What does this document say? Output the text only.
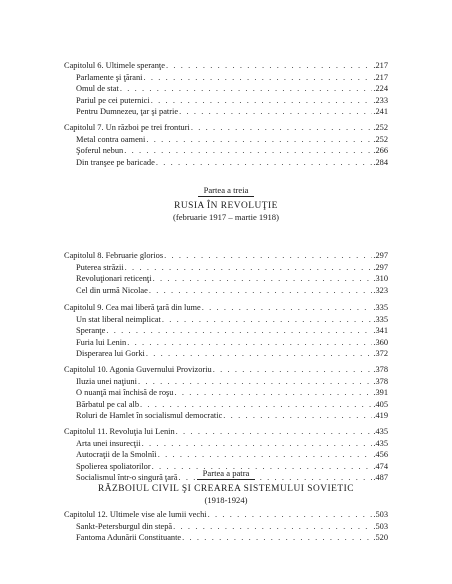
Capitolul 6. Ultimele speranţe . . .	.217
Parlamente şi ţărani . . .	.217
Omul de stat . . .	.224
Pariul pe cei puternici . . .	.233
Pentru Dumnezeu, ţar şi patrie . . .	.241
Capitolul 7. Un război pe trei fronturi . . .	.252
Metal contra oameni . . .	.252
Şoferul nebun . . .	.266
Din tranşee pe baricade . . .	.284
Capitolul 8. Februarie glorios . . .	.297
Puterea străzii . . .	.297
Revoluţionari reticenţi . . .	.310
Cel din urmă Nicolae . . .	.323
Capitolul 9. Cea mai liberă ţară din lume . . .	.335
Un stat liberal neimplicat . . .	.335
Speranţe . . .	.341
Furia lui Lenin . . .	.360
Disperarea lui Gorki . . .	.372
Capitolul 10. Agonia Guvernului Provizoriu . . .	.378
Iluzia unei naţiuni . . .	.378
O nuanţă mai închisă de roşu . . .	.391
Bărbatul pe cal alb . . .	.405
Roluri de Hamlet în socialismul democratic . . .	.419
Capitolul 11. Revoluţia lui Lenin . . .	.435
Arta unei insurecţii . . .	.435
Autocraţii de la Smolnîi . . .	.456
Spolierea spoliatorilor . . .	.474
Socialismul într-o singură ţară . . .	.487
Capitolul 12. Ultimele vise ale lumii vechi . . .	.503
Sankt-Petersburgul din stepă . . .	.503
Fantoma Adunării Constituante . . .	.520
Partea a treia
RUSIA ÎN REVOLUŢIE
(februarie 1917 – martie 1918)
Partea a patra
RĂZBOIUL CIVIL ŞI CREAREA SISTEMULUI SOVIETIC
(1918-1924)
